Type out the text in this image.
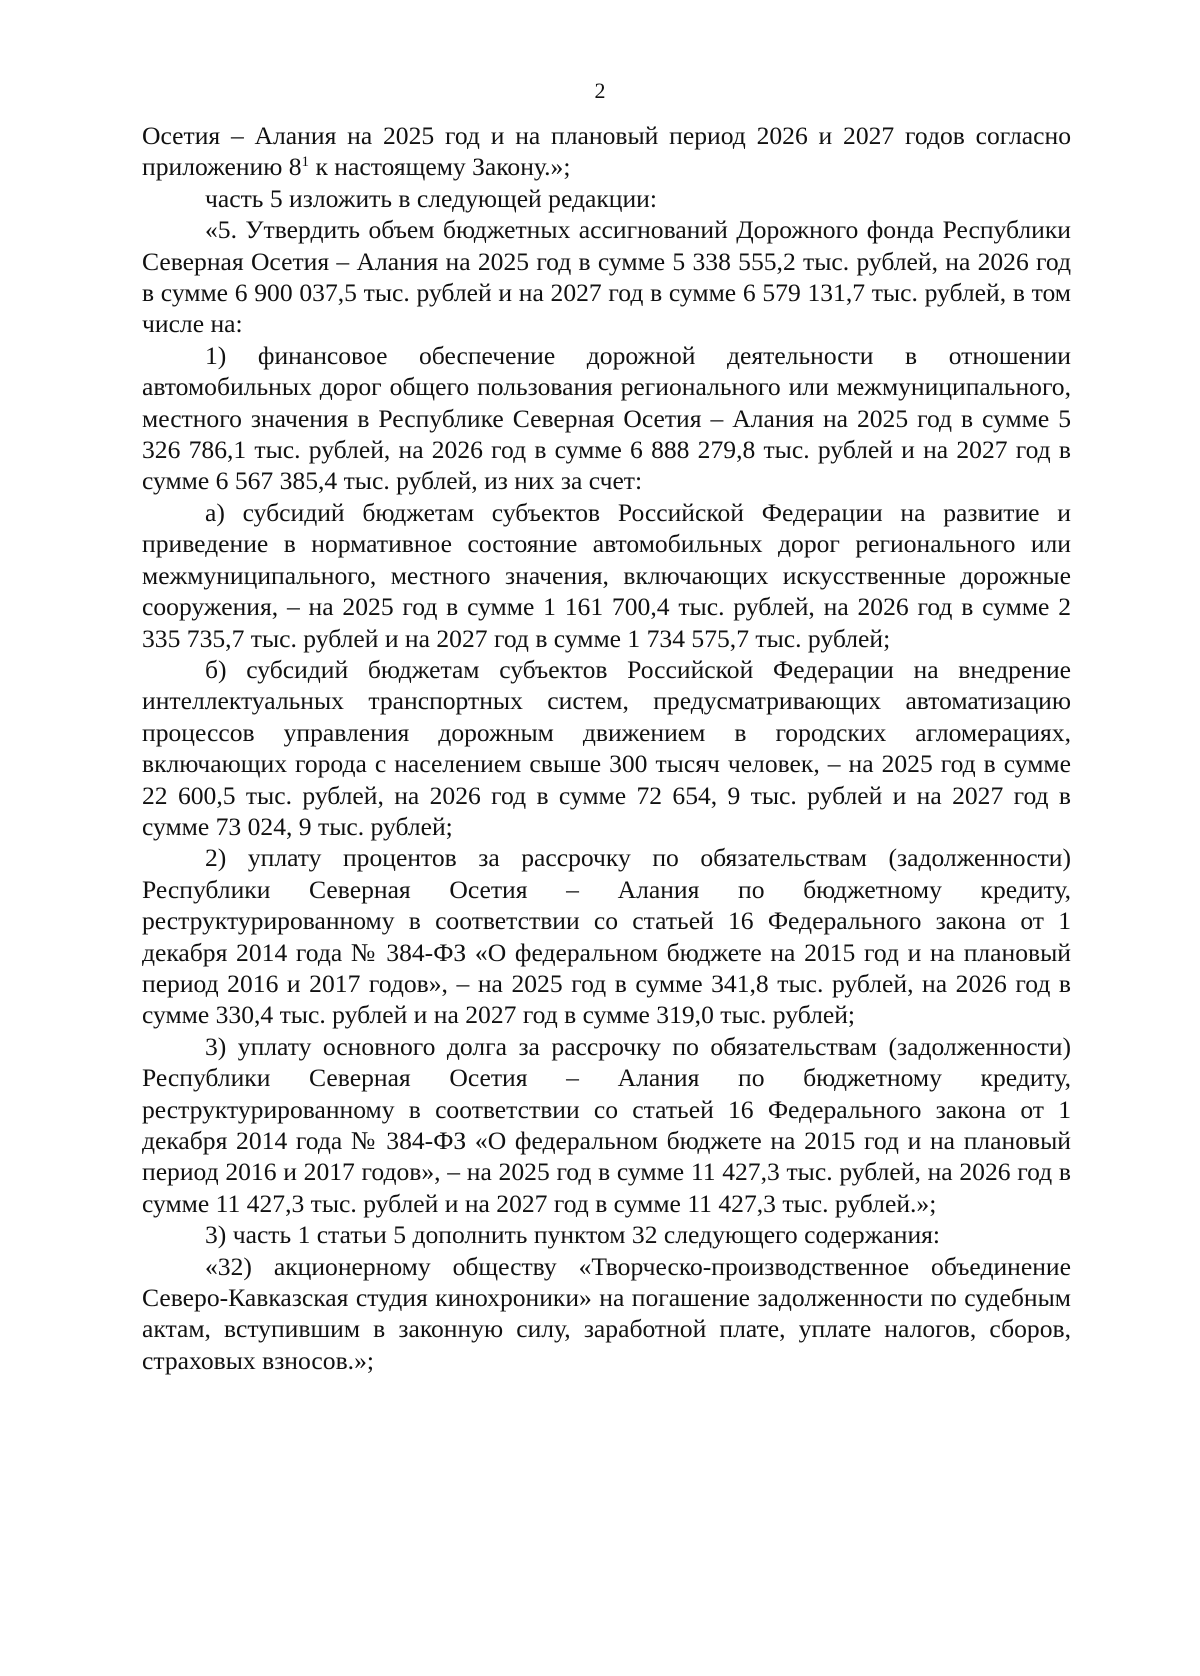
2

Осетия – Алания на 2025 год и на плановый период 2026 и 2027 годов согласно приложению $8^1$ к настоящему Закону.»;

часть 5 изложить в следующей редакции:

«5. Утвердить объем бюджетных ассигнований Дорожного фонда Республики Северная Осетия – Алания на 2025 год в сумме 5 338 555,2 тыс. рублей, на 2026 год в сумме 6 900 037,5 тыс. рублей и на 2027 год в сумме 6 579 131,7 тыс. рублей, в том числе на:

1) финансовое обеспечение дорожной деятельности в отношении автомобильных дорог общего пользования регионального или межмуниципального, местного значения в Республике Северная Осетия – Алания на 2025 год в сумме 5 326 786,1 тыс. рублей, на 2026 год в сумме 6 888 279,8 тыс. рублей и на 2027 год в сумме 6 567 385,4 тыс. рублей, из них за счет:

а) субсидий бюджетам субъектов Российской Федерации на развитие и приведение в нормативное состояние автомобильных дорог регионального или межмуниципального, местного значения, включающих искусственные дорожные сооружения, – на 2025 год в сумме 1 161 700,4 тыс. рублей, на 2026 год в сумме 2 335 735,7 тыс. рублей и на 2027 год в сумме 1 734 575,7 тыс. рублей;

б) субсидий бюджетам субъектов Российской Федерации на внедрение интеллектуальных транспортных систем, предусматривающих автоматизацию процессов управления дорожным движением в городских агломерациях, включающих города с населением свыше 300 тысяч человек, – на 2025 год в сумме 22 600,5 тыс. рублей, на 2026 год в сумме 72 654, 9 тыс. рублей и на 2027 год в сумме 73 024, 9 тыс. рублей;

2) уплату процентов за рассрочку по обязательствам (задолженности) Республики Северная Осетия – Алания по бюджетному кредиту, реструктурированному в соответствии со статьей 16 Федерального закона от 1 декабря 2014 года № 384-ФЗ «О федеральном бюджете на 2015 год и на плановый период 2016 и 2017 годов», – на 2025 год в сумме 341,8 тыс. рублей, на 2026 год в сумме 330,4 тыс. рублей и на 2027 год в сумме 319,0 тыс. рублей;

3) уплату основного долга за рассрочку по обязательствам (задолженности) Республики Северная Осетия – Алания по бюджетному кредиту, реструктурированному в соответствии со статьей 16 Федерального закона от 1 декабря 2014 года № 384-ФЗ «О федеральном бюджете на 2015 год и на плановый период 2016 и 2017 годов», – на 2025 год в сумме 11 427,3 тыс. рублей, на 2026 год в сумме 11 427,3 тыс. рублей и на 2027 год в сумме 11 427,3 тыс. рублей.»;

3) часть 1 статьи 5 дополнить пунктом 32 следующего содержания:

«32) акционерному обществу «Творческо-производственное объединение Северо-Кавказская студия кинохроники» на погашение задолженности по судебным актам, вступившим в законную силу, заработной плате, уплате налогов, сборов, страховых взносов.»;
